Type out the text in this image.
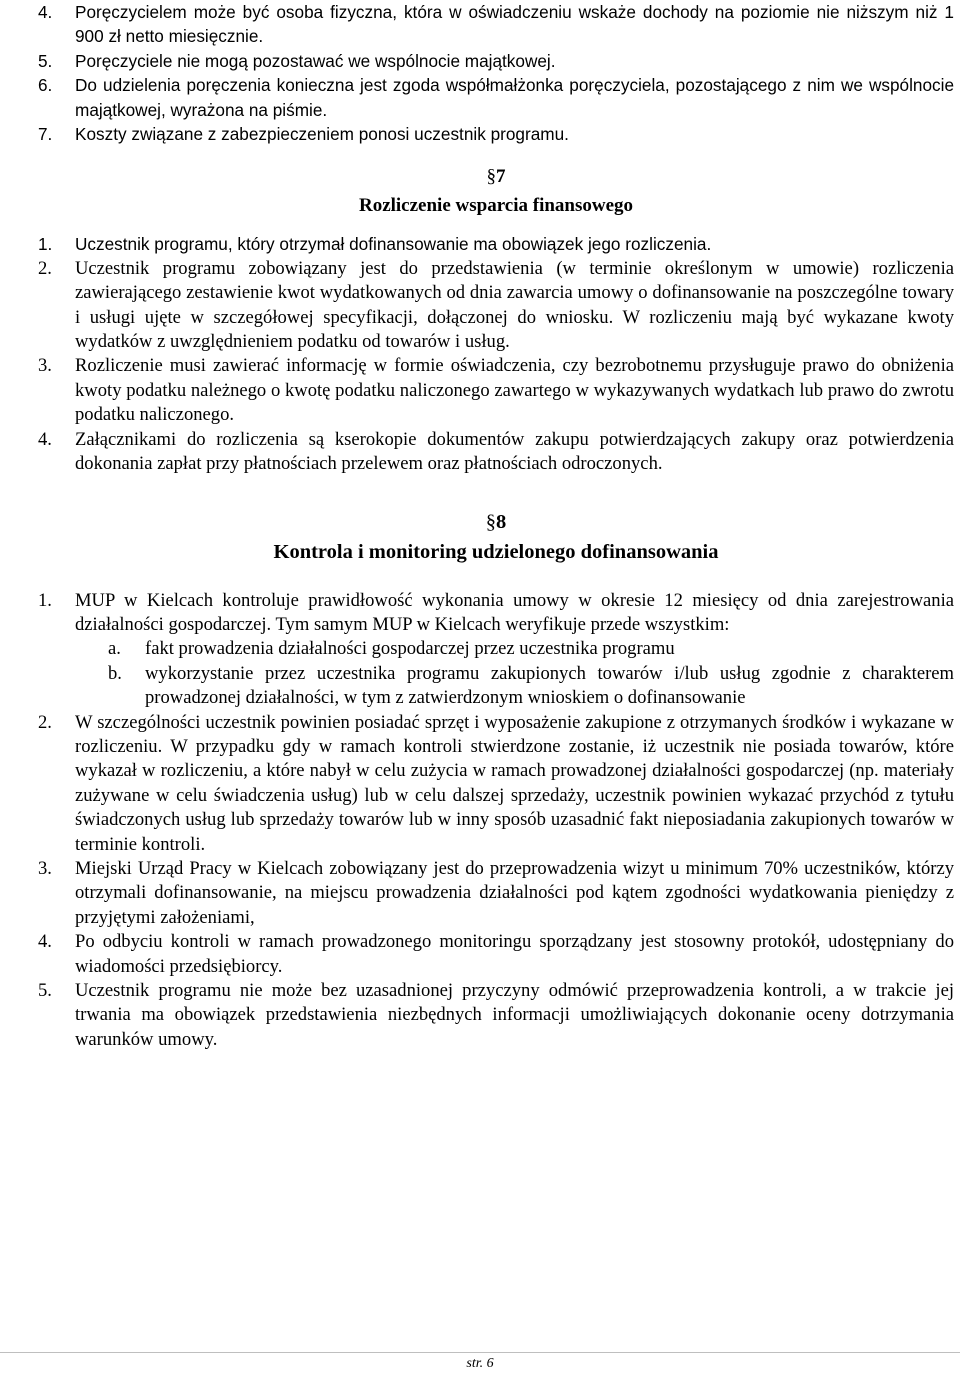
4. Poręczycielem może być osoba fizyczna, która w oświadczeniu wskaże dochody na poziomie nie niższym niż 1 900 zł netto miesięcznie.
5. Poręczyciele nie mogą pozostawać we wspólnocie majątkowej.
6. Do udzielenia poręczenia konieczna jest zgoda współmałżonka poręczyciela, pozostającego z nim we wspólnocie majątkowej, wyrażona na piśmie.
7. Koszty związane z zabezpieczeniem ponosi uczestnik programu.
§7
Rozliczenie wsparcia finansowego
1. Uczestnik programu, który otrzymał dofinansowanie ma obowiązek jego rozliczenia.
2. Uczestnik programu zobowiązany jest do przedstawienia (w terminie określonym w umowie) rozliczenia zawierającego zestawienie kwot wydatkowanych od dnia zawarcia umowy o dofinansowanie na poszczególne towary i usługi ujęte w szczegółowej specyfikacji, dołączonej do wniosku. W rozliczeniu mają być wykazane kwoty wydatków z uwzględnieniem podatku od towarów i usług.
3. Rozliczenie musi zawierać informację w formie oświadczenia, czy bezrobotnemu przysługuje prawo do obniżenia kwoty podatku należnego o kwotę podatku naliczonego zawartego w wykazywanych wydatkach lub prawo do zwrotu podatku naliczonego.
4. Załącznikami do rozliczenia są kserokopie dokumentów zakupu potwierdzających zakupy oraz potwierdzenia dokonania zapłat przy płatnościach przelewem oraz płatnościach odroczonych.
§8
Kontrola i monitoring udzielonego dofinansowania
1. MUP w Kielcach kontroluje prawidłowość wykonania umowy w okresie 12 miesięcy od dnia zarejestrowania działalności gospodarczej. Tym samym MUP w Kielcach weryfikuje przede wszystkim:
a. fakt prowadzenia działalności gospodarczej przez uczestnika programu
b. wykorzystanie przez uczestnika programu zakupionych towarów i/lub usług zgodnie z charakterem prowadzonej działalności, w tym z zatwierdzonym wnioskiem o dofinansowanie
2. W szczególności uczestnik powinien posiadać sprzęt i wyposażenie zakupione z otrzymanych środków i wykazane w rozliczeniu. W przypadku gdy w ramach kontroli stwierdzone zostanie, iż uczestnik nie posiada towarów, które wykazał w rozliczeniu, a które nabył w celu zużycia w ramach prowadzonej działalności gospodarczej (np. materiały zużywane w celu świadczenia usług) lub w celu dalszej sprzedaży, uczestnik powinien wykazać przychód z tytułu świadczonych usług lub sprzedaży towarów lub w inny sposób uzasadnić fakt nieposiadania zakupionych towarów w terminie kontroli.
3. Miejski Urząd Pracy w Kielcach zobowiązany jest do przeprowadzenia wizyt u minimum 70% uczestników, którzy otrzymali dofinansowanie, na miejscu prowadzenia działalności pod kątem zgodności wydatkowania pieniędzy z przyjętymi założeniami,
4. Po odbyciu kontroli w ramach prowadzonego monitoringu sporządzany jest stosowny protokół, udostępniany do wiadomości przedsiębiorcy.
5. Uczestnik programu nie może bez uzasadnionej przyczyny odmówić przeprowadzenia kontroli, a w trakcie jej trwania ma obowiązek przedstawienia niezbędnych informacji umożliwiających dokonanie oceny dotrzymania warunków umowy.
str. 6
